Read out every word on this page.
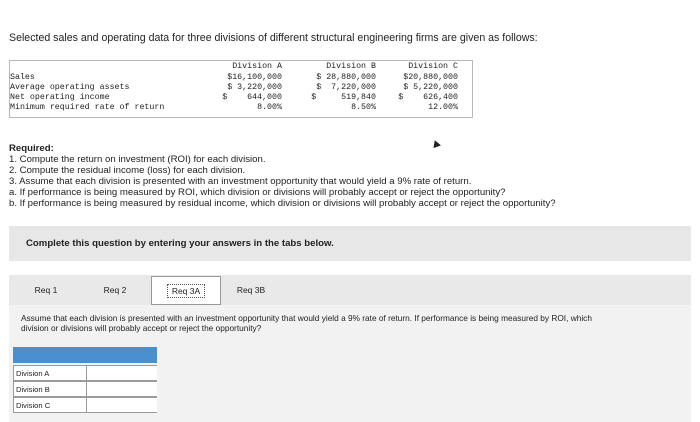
Selected sales and operating data for three divisions of different structural engineering firms are given as follows:
Division A	Division B	Division C
Sales	$16,100,000	$ 28,880,000	$20,880,000
Average operating assets	$ 3,220,000	$  7,220,000	$ 5,220,000
Net operating income	$    644,000	$     519,840	$    626,400
Minimum required rate of return	8.00%	8.50%	12.00%
Required:
1. Compute the return on investment (ROI) for each division.
2. Compute the residual income (loss) for each division.
3. Assume that each division is presented with an investment opportunity that would yield a 9% rate of return.
a. If performance is being measured by ROI, which division or divisions will probably accept or reject the opportunity?
b. If performance is being measured by residual income, which division or divisions will probably accept or reject the opportunity?
Complete this question by entering your answers in the tabs below.
Req 1	Req 2	Req 3A	Req 3B
Assume that each division is presented with an investment opportunity that would yield a 9% rate of return. If performance is being measured by ROI, which division or divisions will probably accept or reject the opportunity?
Division A
Division B
Division C
